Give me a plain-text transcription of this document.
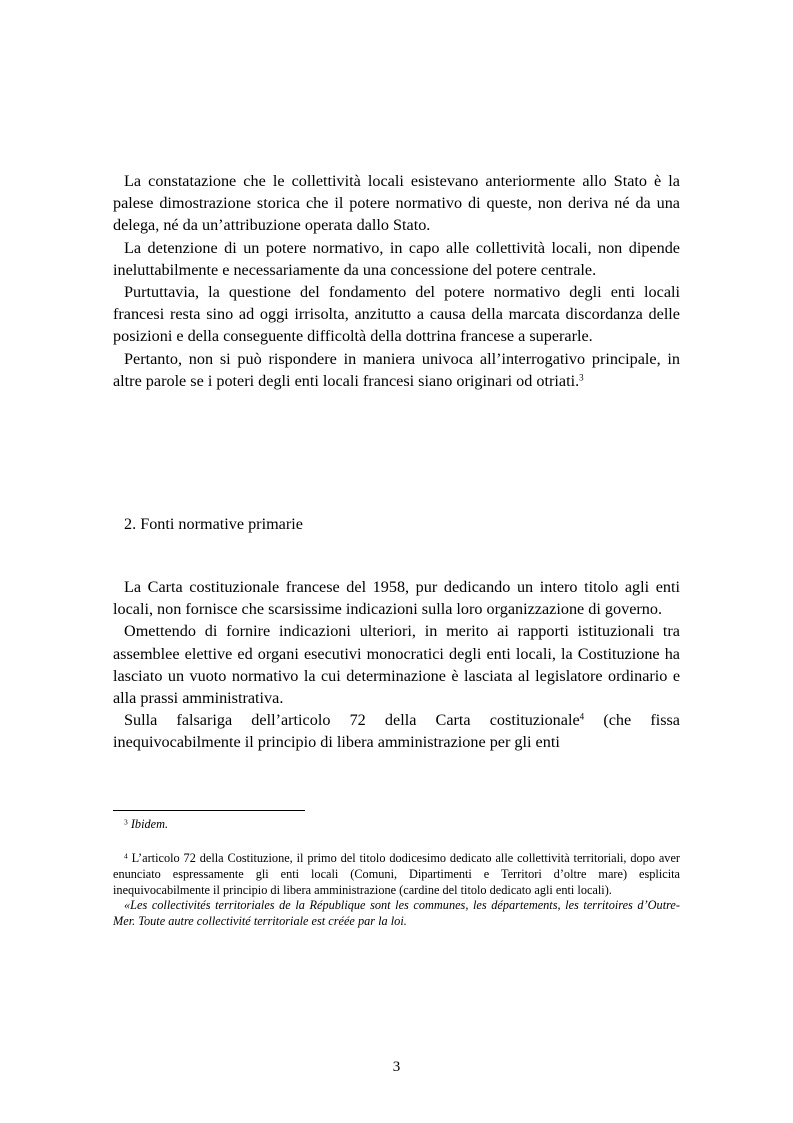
La constatazione che le collettività locali esistevano anteriormente allo Stato è la palese dimostrazione storica che il potere normativo di queste, non deriva né da una delega, né da un’attribuzione operata dallo Stato.

La detenzione di un potere normativo, in capo alle collettività locali, non dipende ineluttabilmente e necessariamente da una concessione del potere centrale.

Purtuttavia, la questione del fondamento del potere normativo degli enti locali francesi resta sino ad oggi irrisolta, anzitutto a causa della marcata discordanza delle posizioni e della conseguente difficoltà della dottrina francese a superarle.

Pertanto, non si può rispondere in maniera univoca all’interrogativo principale, in altre parole se i poteri degli enti locali francesi siano originari od otriati.$^3$

2. Fonti normative primarie

La Carta costituzionale francese del 1958, pur dedicando un intero titolo agli enti locali, non fornisce che scarsissime indicazioni sulla loro organizzazione di governo.

Omettendo di fornire indicazioni ulteriori, in merito ai rapporti istituzionali tra assemblee elettive ed organi esecutivi monocratici degli enti locali, la Costituzione ha lasciato un vuoto normativo la cui determinazione è lasciata al legislatore ordinario e alla prassi amministrativa.

Sulla falsariga dell’articolo 72 della Carta costituzionale$^4$ (che fissa inequivocabilmente il principio di libera amministrazione per gli enti

$^3$ Ibidem.

$^4$ L’articolo 72 della Costituzione, il primo del titolo dodicesimo dedicato alle collettività territoriali, dopo aver enunciato espressamente gli enti locali (Comuni, Dipartimenti e Territori d’oltre mare) esplicita inequivocabilmente il principio di libera amministrazione (cardine del titolo dedicato agli enti locali).

«Les collectivités territoriales de la République sont les communes, les départements, les territoires d’Outre-Mer. Toute autre collectivité territoriale est créée par la loi.

3
